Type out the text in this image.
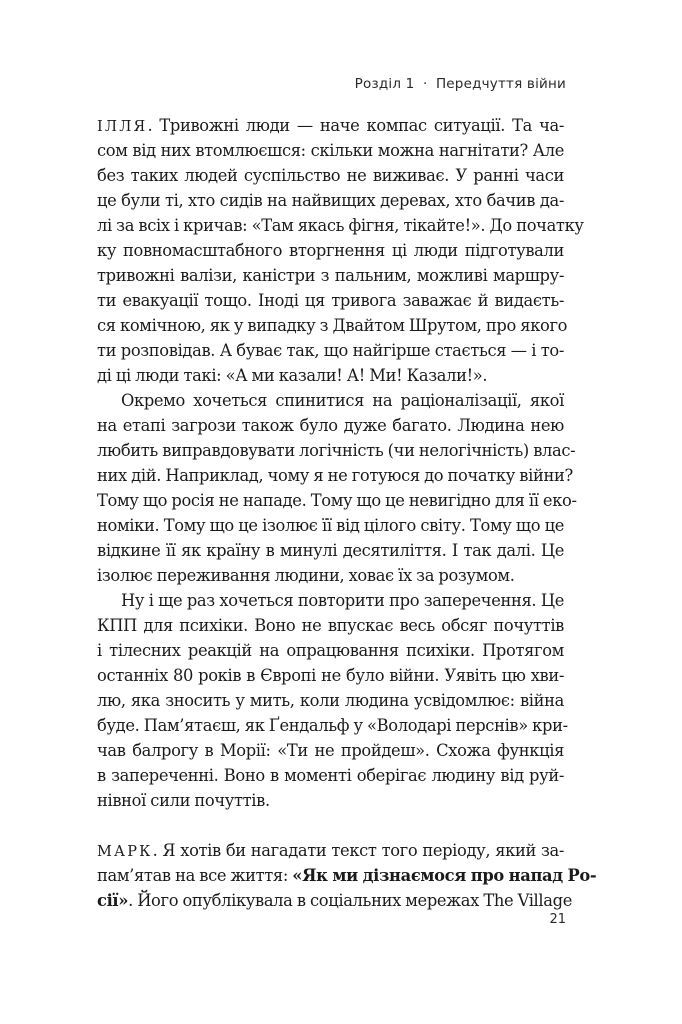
Розділ 1 · Передчуття війни
ІЛЛЯ. Тривожні люди — наче компас ситуації. Та ча-
сом від них втомлюєшся: скільки можна нагнітати? Але
без таких людей суспільство не виживає. У ранні часи
це були ті, хто сидів на найвищих деревах, хто бачив да-
лі за всіх і кричав: «Там якась фігня, тікайте!». До початку
ку повномасштабного вторгнення ці люди підготували
тривожні валізи, каністри з пальним, можливі маршру-
ти евакуації тощо. Іноді ця тривога заважає й видаєть-
ся комічною, як у випадку з Двайтом Шрутом, про якого
ти розповідав. А буває так, що найгірше стається — і то-
ді ці люди такі: «А ми казали! А! Ми! Казали!».
Окремо хочеться спинитися на раціоналізації, якої
на етапі загрози також було дуже багато. Людина нею
любить виправдовувати логічність (чи нелогічність) влас-
них дій. Наприклад, чому я не готуюся до початку війни?
Тому що росія не нападе. Тому що це невигідно для її еко-
номіки. Тому що це ізолює її від цілого світу. Тому що це
відкине її як країну в минулі десятиліття. І так далі. Це
ізолює переживання людини, ховає їх за розумом.
Ну і ще раз хочеться повторити про заперечення. Це
КПП для психіки. Воно не впускає весь обсяг почуттів
і тілесних реакцій на опрацювання психіки. Протягом
останніх 80 років в Європі не було війни. Уявіть цю хви-
лю, яка зносить у мить, коли людина усвідомлює: війна
буде. Пам’ятаєш, як Ґендальф у «Володарі перснів» кри-
чав балрогу в Морії: «Ти не пройдеш». Схожа функція
в запереченні. Воно в моменті оберігає людину від руй-
нівної сили почуттів.
МАРК. Я хотів би нагадати текст того періоду, який за-
пам’ятав на все життя: «Як ми дізнаємося про напад Ро-
сії». Його опублікувала в соціальних мережах The Village
21
